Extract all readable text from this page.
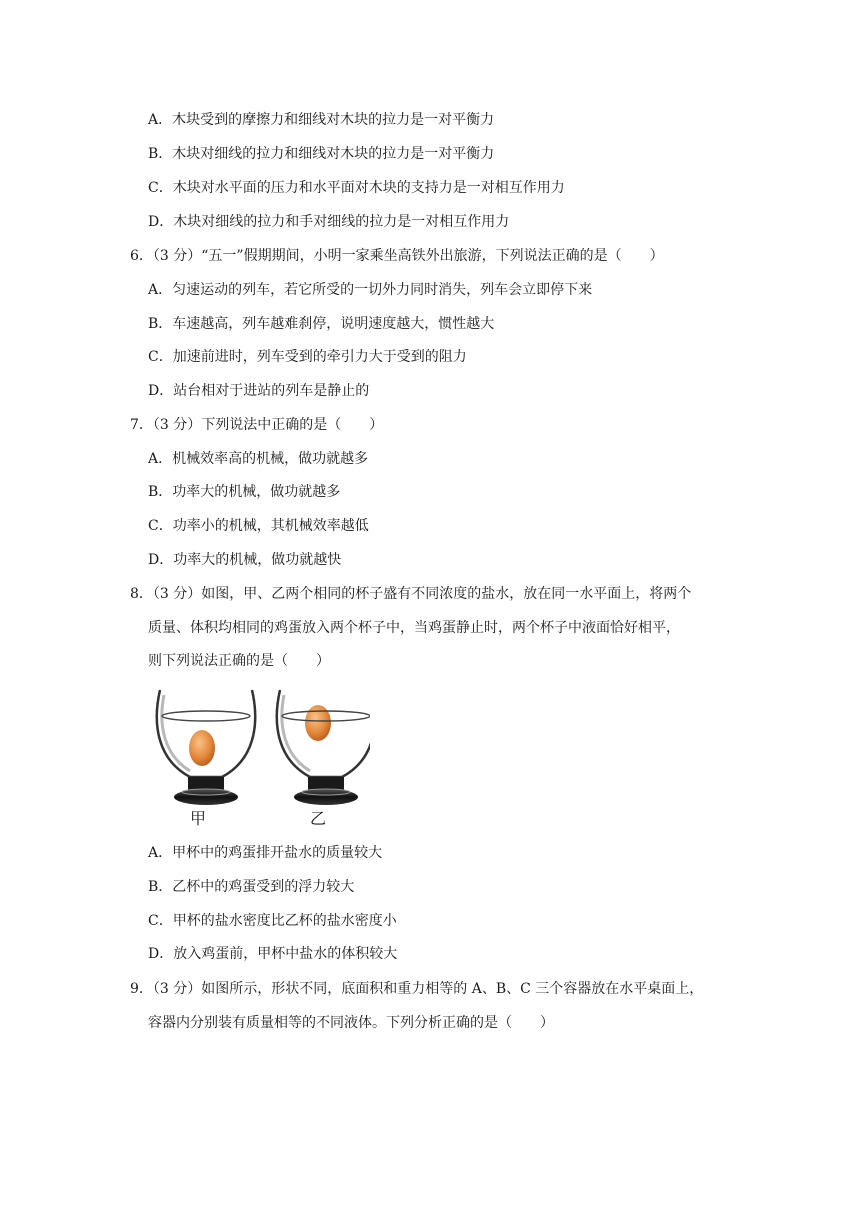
A．木块受到的摩擦力和细线对木块的拉力是一对平衡力
B．木块对细线的拉力和细线对木块的拉力是一对平衡力
C．木块对水平面的压力和水平面对木块的支持力是一对相互作用力
D．木块对细线的拉力和手对细线的拉力是一对相互作用力
6．（3 分）“五一”假期期间，小明一家乘坐高铁外出旅游，下列说法正确的是（　　）
A．匀速运动的列车，若它所受的一切外力同时消失，列车会立即停下来
B．车速越高，列车越难刹停，说明速度越大，惯性越大
C．加速前进时，列车受到的牵引力大于受到的阻力
D．站台相对于进站的列车是静止的
7．（3 分）下列说法中正确的是（　　）
A．机械效率高的机械，做功就越多
B．功率大的机械，做功就越多
C．功率小的机械，其机械效率越低
D．功率大的机械，做功就越快
8．（3 分）如图，甲、乙两个相同的杯子盛有不同浓度的盐水，放在同一水平面上，将两个
质量、体积均相同的鸡蛋放入两个杯子中，当鸡蛋静止时，两个杯子中液面恰好相平，
则下列说法正确的是（　　）
甲	乙
A．甲杯中的鸡蛋排开盐水的质量较大
B．乙杯中的鸡蛋受到的浮力较大
C．甲杯的盐水密度比乙杯的盐水密度小
D．放入鸡蛋前，甲杯中盐水的体积较大
9．（3 分）如图所示，形状不同，底面积和重力相等的 A、B、C 三个容器放在水平桌面上，
容器内分别装有质量相等的不同液体。下列分析正确的是（　　）
